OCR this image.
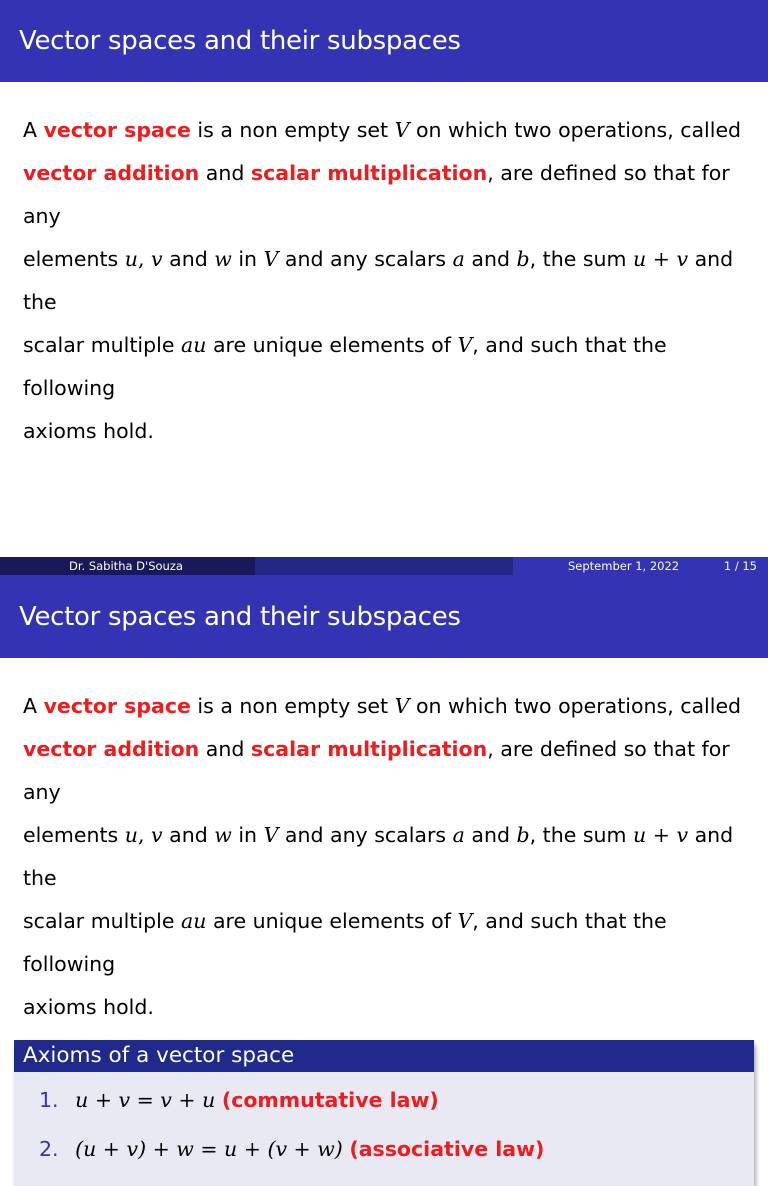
Vector spaces and their subspaces
A vector space is a non empty set V on which two operations, called
vector addition and scalar multiplication, are defined so that for any
elements u, v and w in V and any scalars a and b, the sum u + v and the
scalar multiple au are unique elements of V, and such that the following
axioms hold.
Dr. Sabitha D'Souza	September 1, 2022	1 / 15
Vector spaces and their subspaces
A vector space is a non empty set V on which two operations, called
vector addition and scalar multiplication, are defined so that for any
elements u, v and w in V and any scalars a and b, the sum u + v and the
scalar multiple au are unique elements of V, and such that the following
axioms hold.
Axioms of a vector space
1. u + v = v + u (commutative law)
2. (u + v) + w = u + (v + w) (associative law)
